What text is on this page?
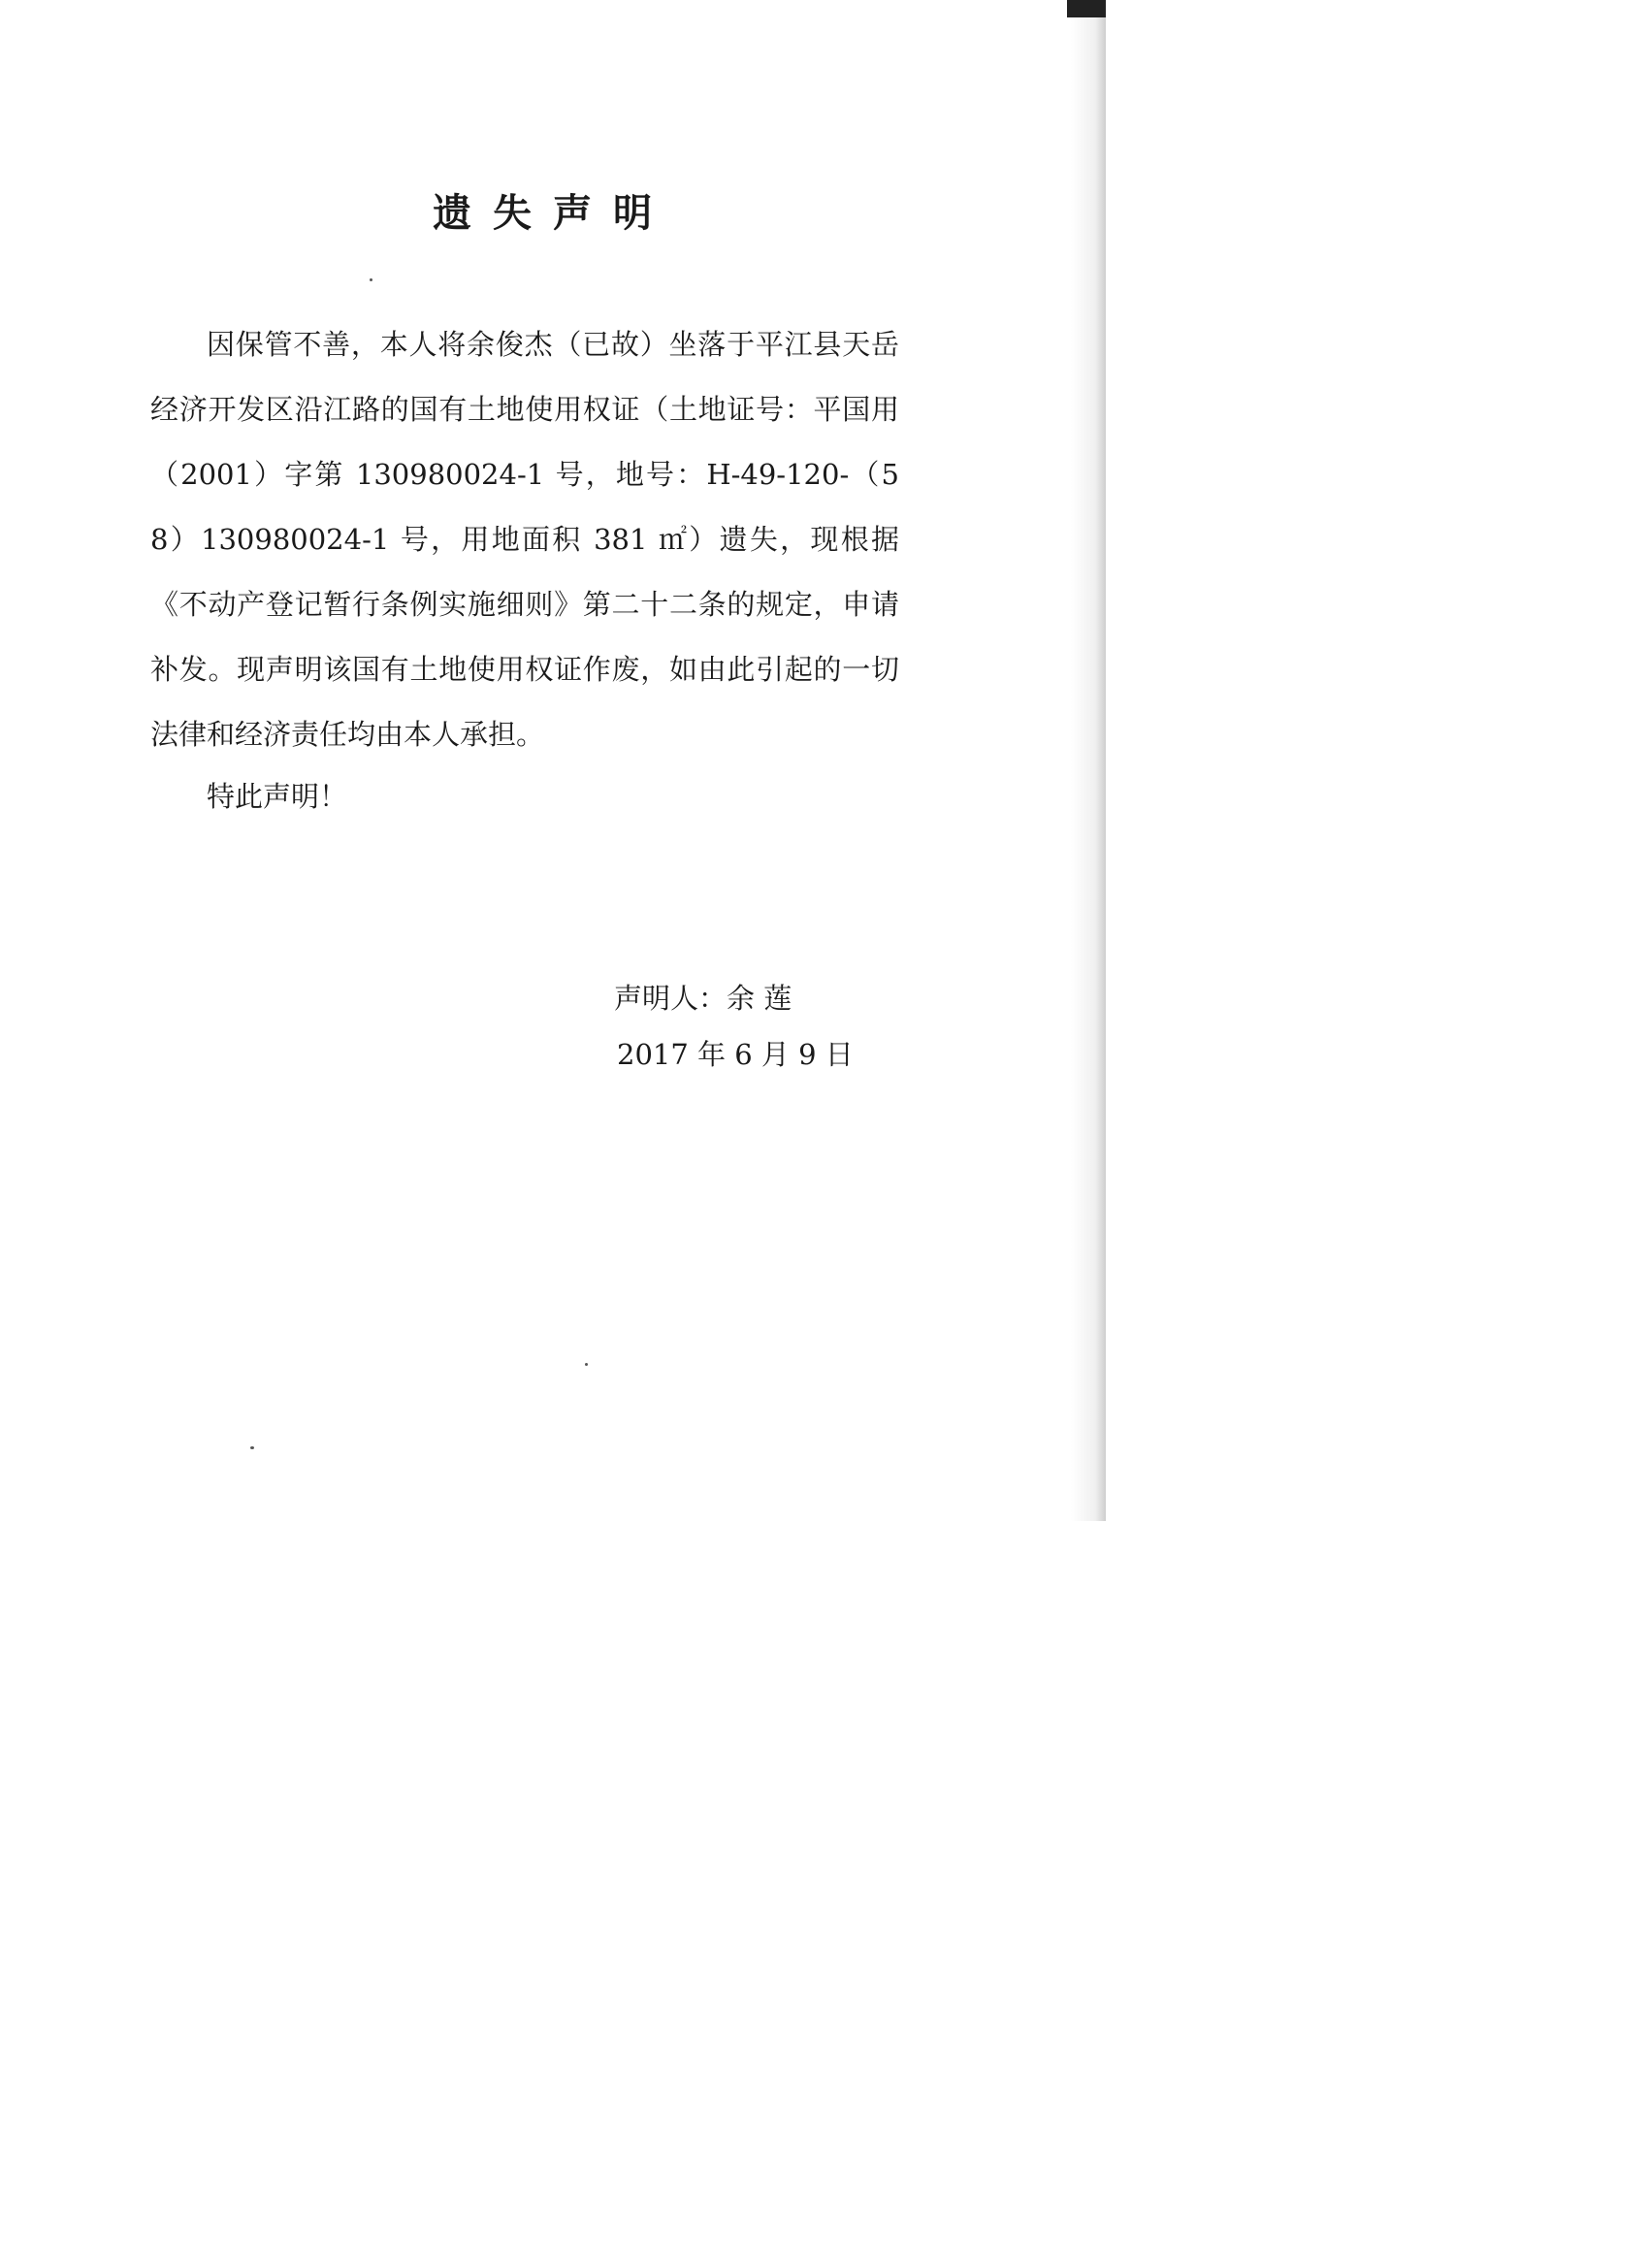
遗失声明

因保管不善，本人将余俊杰（已故）坐落于平江县天岳经济开发区沿江路的国有土地使用权证（土地证号：平国用（2001）字第 130980024-1 号，地号：H-49-120-（58）130980024-1 号，用地面积 381 ㎡）遗失，现根据《不动产登记暂行条例实施细则》第二十二条的规定，申请补发。现声明该国有土地使用权证作废，如由此引起的一切法律和经济责任均由本人承担。

特此声明！
声明人：余 莲
2017 年 6 月 9 日
